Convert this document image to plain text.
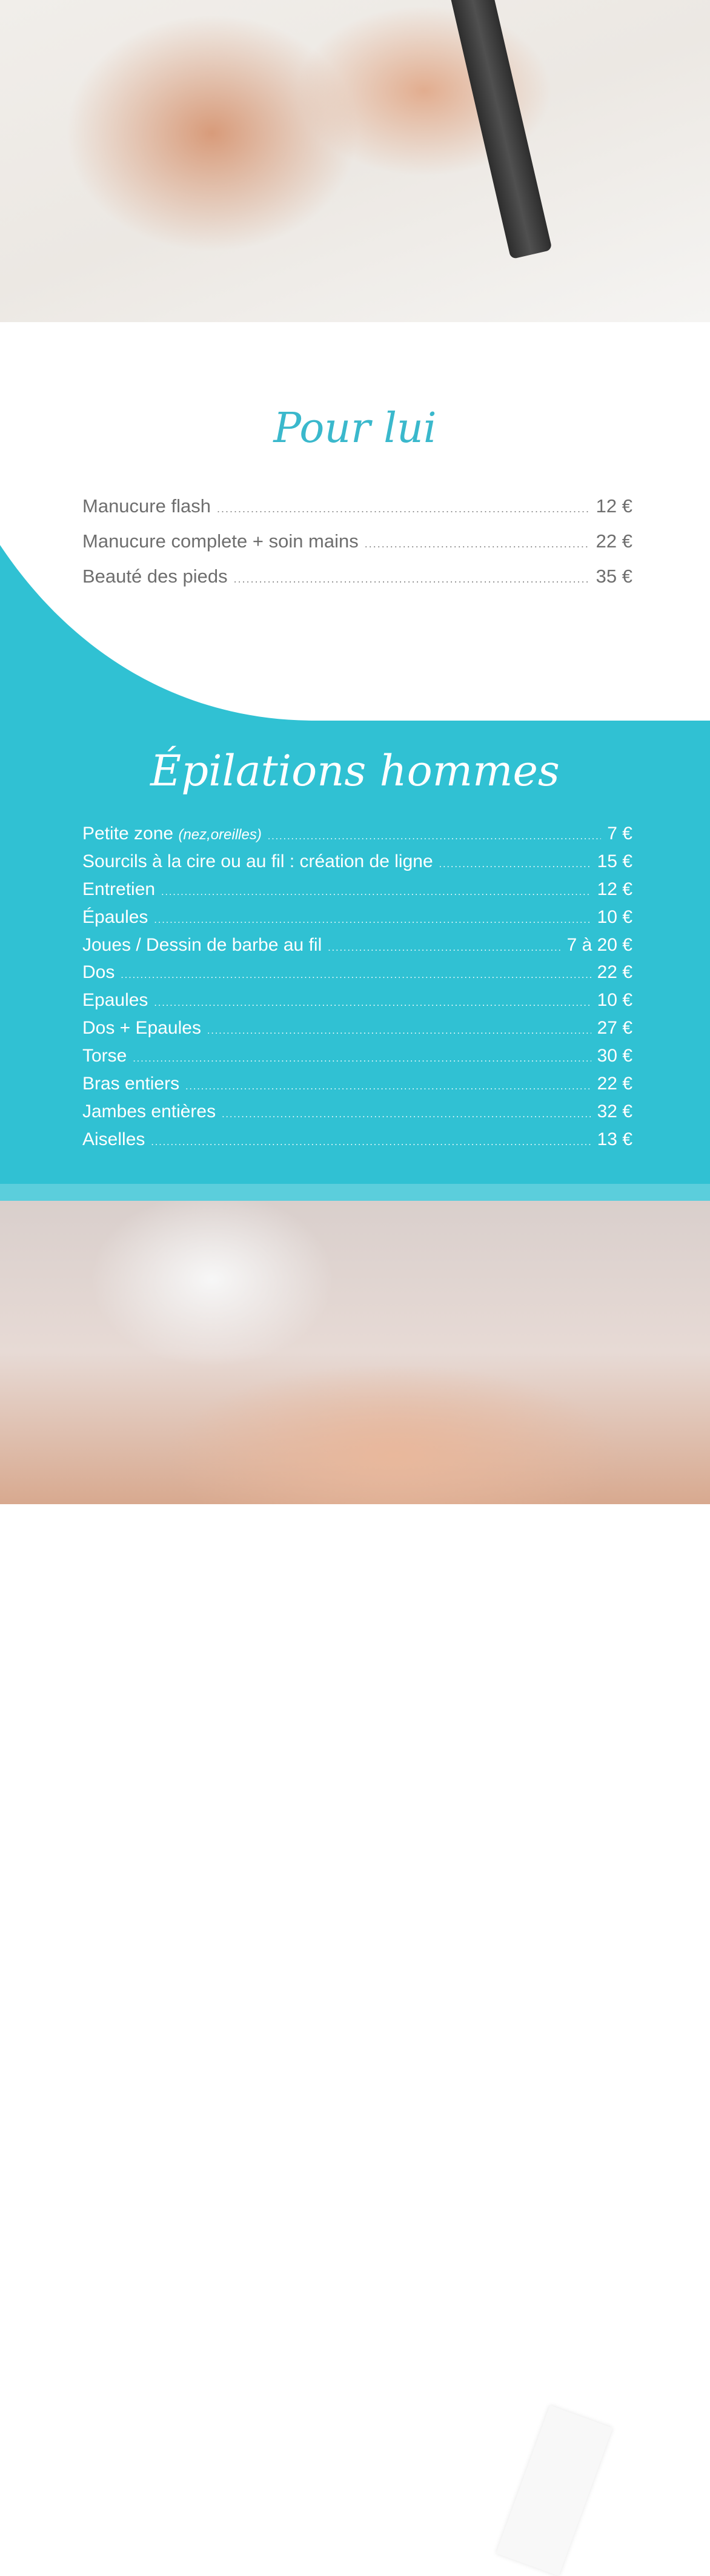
Pour lui
Manucure flash .....	12 €
Manucure complete + soin mains .....	22 €
Beauté des pieds .....	35 €
Épilations hommes
Petite zone (nez,oreilles) .....	7 €
Sourcils à la cire ou au fil : création de ligne .....	15 €
Entretien .....	12 €
Épaules .....	10 €
Joues / Dessin de barbe au fil .....	7 à 20 €
Dos .....	22 €
Epaules .....	10 €
Dos + Epaules .....	27 €
Torse .....	30 €
Bras entiers .....	22 €
Jambes entières .....	32 €
Aiselles .....	13 €
